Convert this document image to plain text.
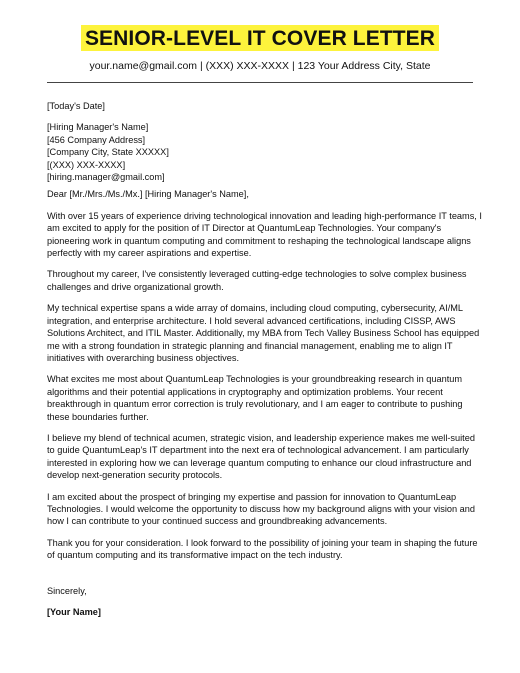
SENIOR-LEVEL IT COVER LETTER
your.name@gmail.com | (XXX) XXX-XXXX | 123 Your Address City, State
[Today's Date]
[Hiring Manager's Name]
[456 Company Address]
[Company City, State XXXXX]
[(XXX) XXX-XXXX]
[hiring.manager@gmail.com]
Dear [Mr./Mrs./Ms./Mx.] [Hiring Manager's Name],
With over 15 years of experience driving technological innovation and leading high-performance IT teams, I
am excited to apply for the position of IT Director at QuantumLeap Technologies. Your company's
pioneering work in quantum computing and commitment to reshaping the technological landscape aligns
perfectly with my career aspirations and expertise.
Throughout my career, I've consistently leveraged cutting-edge technologies to solve complex business
challenges and drive organizational growth.
My technical expertise spans a wide array of domains, including cloud computing, cybersecurity, AI/ML
integration, and enterprise architecture. I hold several advanced certifications, including CISSP, AWS
Solutions Architect, and ITIL Master. Additionally, my MBA from Tech Valley Business School has equipped
me with a strong foundation in strategic planning and financial management, enabling me to align IT
initiatives with overarching business objectives.
What excites me most about QuantumLeap Technologies is your groundbreaking research in quantum
algorithms and their potential applications in cryptography and optimization problems. Your recent
breakthrough in quantum error correction is truly revolutionary, and I am eager to contribute to pushing
these boundaries further.
I believe my blend of technical acumen, strategic vision, and leadership experience makes me well-suited
to guide QuantumLeap's IT department into the next era of technological advancement. I am particularly
interested in exploring how we can leverage quantum computing to enhance our cloud infrastructure and
develop next-generation security protocols.
I am excited about the prospect of bringing my expertise and passion for innovation to QuantumLeap
Technologies. I would welcome the opportunity to discuss how my background aligns with your vision and
how I can contribute to your continued success and groundbreaking advancements.
Thank you for your consideration. I look forward to the possibility of joining your team in shaping the future
of quantum computing and its transformative impact on the tech industry.
Sincerely,
[Your Name]
